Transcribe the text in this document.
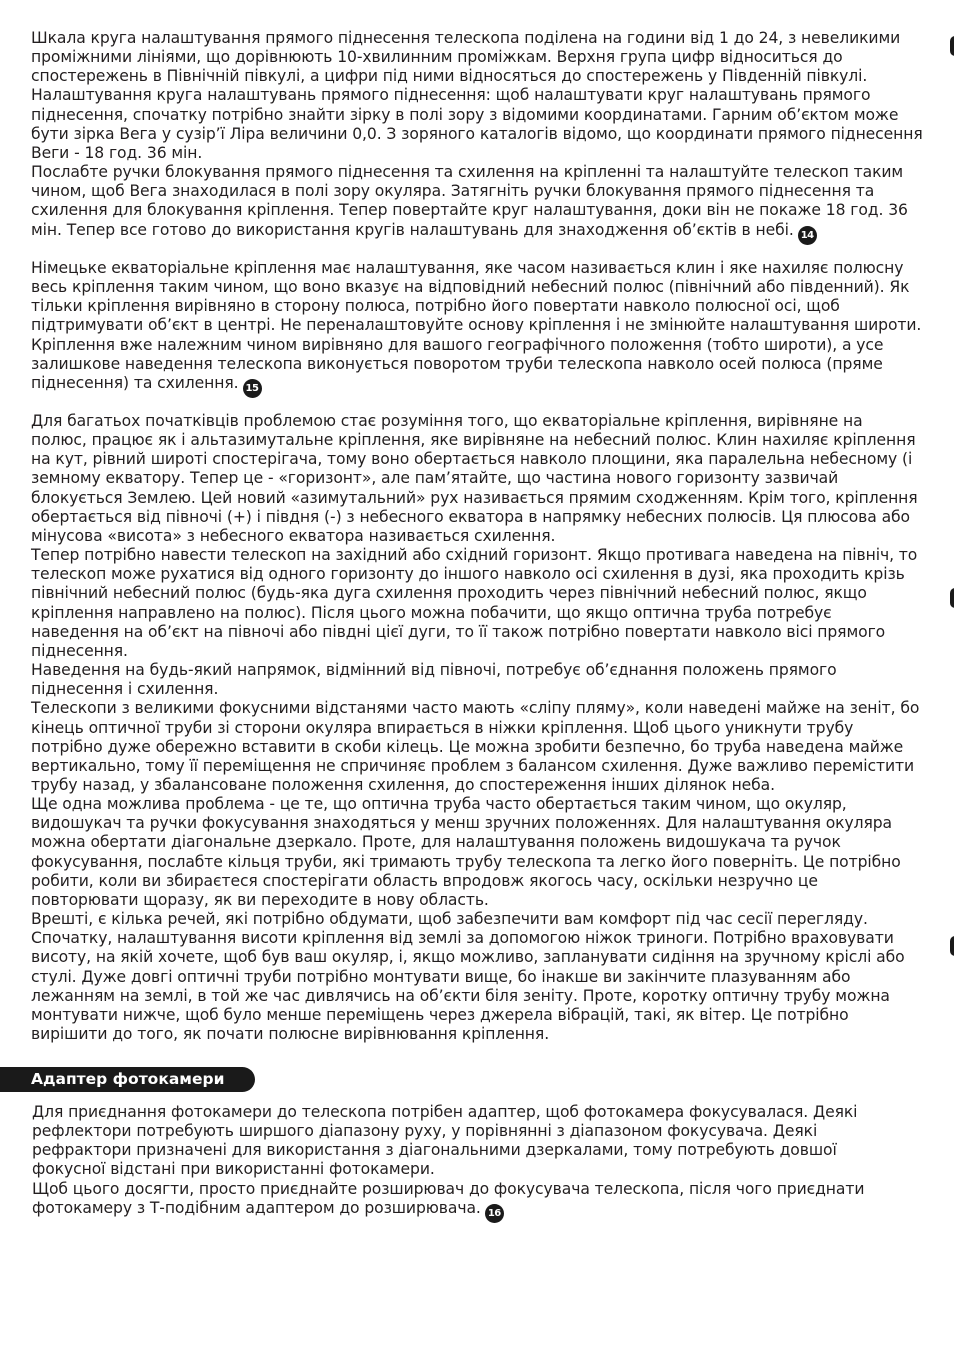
Шкала круга налаштування прямого піднесення телескопа поділена на години від 1 до 24, з невеликими проміжними лініями, що дорівнюють 10-хвилинним проміжкам. Верхня група цифр відноситься до спостережень в Північній півкулі, а цифри під ними відносяться до спостережень у Південній півкулі.

Налаштування круга налаштувань прямого піднесення: щоб налаштувати круг налаштувань прямого піднесення, спочатку потрібно знайти зірку в полі зору з відомими координатами. Гарним об’єктом може бути зірка Вега у сузір’ї Ліра величини 0,0. З зоряного каталогів відомо, що координати прямого піднесення Веги - 18 год. 36 мін.

Послабте ручки блокування прямого піднесення та схилення на кріпленні та налаштуйте телескоп таким чином, щоб Вега знаходилася в полі зору окуляра. Затягніть ручки блокування прямого піднесення та схилення для блокування кріплення. Тепер повертайте круг налаштування, доки він не покаже 18 год. 36 мін. Тепер все готово до використання кругів налаштувань для знаходження об’єктів в небі. 14

Німецьке екваторіальне кріплення має налаштування, яке часом називається клин і яке нахиляє полюсну весь кріплення таким чином, що воно вказує на відповідний небесний полюс (північний або південний). Як тільки кріплення вирівняно в сторону полюса, потрібно його повертати навколо полюсної осі, щоб підтримувати об’єкт в центрі. Не переналаштовуйте основу кріплення і не змінюйте налаштування широти. Кріплення вже належним чином вирівняно для вашого географічного положення (тобто широти), а усе залишкове наведення телескопа виконується поворотом труби телескопа навколо осей полюса (пряме піднесення) та схилення. 15

Для багатьох початківців проблемою стає розуміння того, що екваторіальне кріплення, вирівняне на полюс, працює як і альтазимутальне кріплення, яке вирівняне на небесний полюс. Клин нахиляє кріплення на кут, рівний широті спостерігача, тому воно обертається навколо площини, яка паралельна небесному (і земному екватору. Тепер це - «горизонт», але пам’ятайте, що частина нового горизонту зазвичай блокується Землею. Цей новий «азимутальний» рух називається прямим сходженням. Крім того, кріплення обертається від півночі (+) і півдня (-) з небесного екватора в напрямку небесних полюсів. Ця плюсова або мінусова «висота» з небесного екватора називається схилення.

Тепер потрібно навести телескоп на західний або східний горизонт. Якщо противага наведена на північ, то телескоп може рухатися від одного горизонту до іншого навколо осі схилення в дузі, яка проходить крізь північний небесний полюс (будь-яка дуга схилення проходить через північний небесний полюс, якщо кріплення направлено на полюс). Після цього можна побачити, що якщо оптична труба потребує наведення на об’єкт на півночі або півдні цієї дуги, то її також потрібно повертати навколо вісі прямого піднесення.

Наведення на будь-який напрямок, відмінний від півночі, потребує об’єднання положень прямого піднесення і схилення.

Телескопи з великими фокусними відстанями часто мають «сліпу пляму», коли наведені майже на зеніт, бо кінець оптичної труби зі сторони окуляра впирається в ніжки кріплення. Щоб цього уникнути трубу потрібно дуже обережно вставити в скоби кілець. Це можна зробити безпечно, бо труба наведена майже вертикально, тому її переміщення не спричиняє проблем з балансом схилення. Дуже важливо перемістити трубу назад, у збалансоване положення схилення, до спостереження інших ділянок неба.

Ще одна можлива проблема - це те, що оптична труба часто обертається таким чином, що окуляр, видошукач та ручки фокусування знаходяться у менш зручних положеннях. Для налаштування окуляра можна обертати діагональне дзеркало. Проте, для налаштування положень видошукача та ручок фокусування, послабте кільця труби, які тримають трубу телескопа та легко його поверніть. Це потрібно робити, коли ви збираєтеся спостерігати область впродовж якогось часу, оскільки незручно це повторювати щоразу, як ви переходите в нову область.

Врешті, є кілька речей, які потрібно обдумати, щоб забезпечити вам комфорт під час сесії перегляду. Спочатку, налаштування висоти кріплення від землі за допомогою ніжок триноги. Потрібно враховувати висоту, на якій хочете, щоб був ваш окуляр, і, якщо можливо, запланувати сидіння на зручному кріслі або стулі. Дуже довгі оптичні труби потрібно монтувати вище, бо інакше ви закінчите плазуванням або лежанням на землі, в той же час дивлячись на об’єкти біля зеніту. Проте, коротку оптичну трубу можна монтувати нижче, щоб було менше переміщень через джерела вібрацій, такі, як вітер. Це потрібно вирішити до того, як почати полюсне вирівнювання кріплення.

Адаптер фотокамери

Для приєднання фотокамери до телескопа потрібен адаптер, щоб фотокамера фокусувалася. Деякі рефлектори потребують ширшого діапазону руху, у порівнянні з діапазоном фокусувача. Деякі рефрактори призначені для використання з діагональними дзеркалами, тому потребують довшої фокусної відстані при використанні фотокамери.

Щоб цього досягти, просто приєднайте розширювач до фокусувача телескопа, після чого приєднати фотокамеру з Т-подібним адаптером до розширювача. 16
